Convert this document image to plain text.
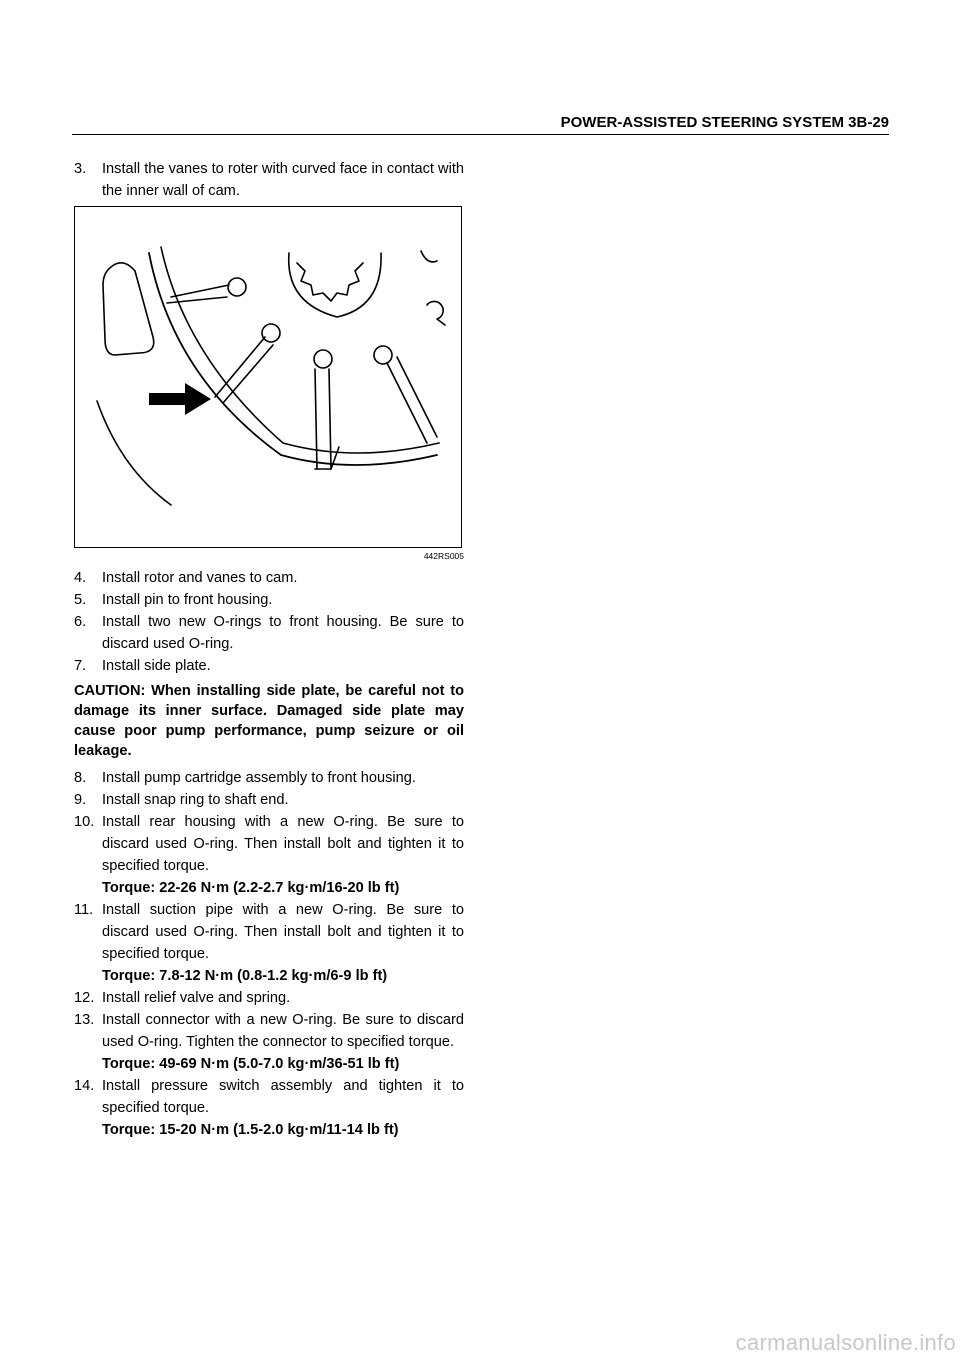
POWER-ASSISTED STEERING SYSTEM 3B-29
3.	Install the vanes to roter with curved face in contact with the inner wall of cam.
442RS005
4.	Install rotor and vanes to cam.
5.	Install pin to front housing.
6.	Install two new O-rings to front housing. Be sure to discard used O-ring.
7.	Install side plate.
CAUTION: When installing side plate, be careful not to damage its inner surface. Damaged side plate may cause poor pump performance, pump seizure or oil leakage.
8.	Install pump cartridge assembly to front housing.
9.	Install snap ring to shaft end.
10. Install rear housing with a new O-ring. Be sure to discard used O-ring. Then install bolt and tighten it to specified torque.
Torque: 22-26 N·m (2.2-2.7 kg·m/16-20 lb ft)
11. Install suction pipe with a new O-ring. Be sure to discard used O-ring. Then install bolt and tighten it to specified torque.
Torque: 7.8-12 N·m (0.8-1.2 kg·m/6-9 lb ft)
12. Install relief valve and spring.
13. Install connector with a new O-ring. Be sure to discard used O-ring. Tighten the connector to specified torque.
Torque: 49-69 N·m (5.0-7.0 kg·m/36-51 lb ft)
14. Install pressure switch assembly and tighten it to specified torque.
Torque: 15-20 N·m (1.5-2.0 kg·m/11-14 lb ft)
carmanualsonline.info
